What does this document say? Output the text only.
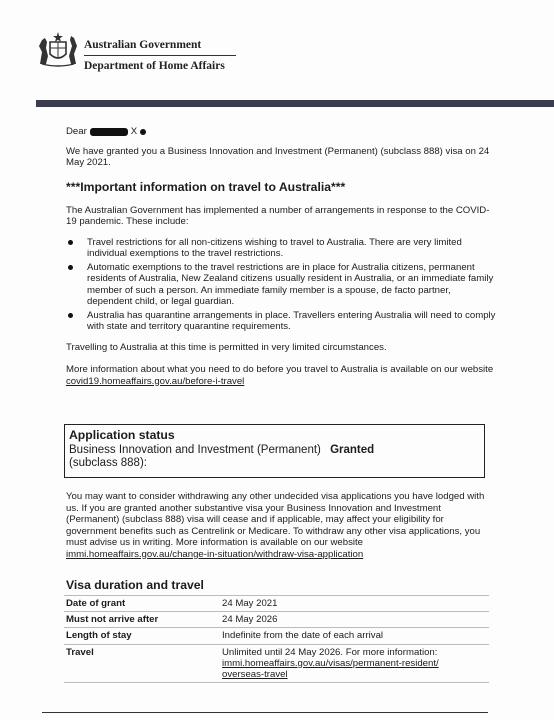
Australian Government
Department of Home Affairs
Dear	X

We have granted you a Business Innovation and Investment (Permanent) (subclass 888) visa on 24 May 2021.

***Important information on travel to Australia***

The Australian Government has implemented a number of arrangements in response to the COVID-19 pandemic. These include:

Travel restrictions for all non-citizens wishing to travel to Australia. There are very limited individual exemptions to the travel restrictions.
Automatic exemptions to the travel restrictions are in place for Australia citizens, permanent residents of Australia, New Zealand citizens usually resident in Australia, or an immediate family member of such a person. An immediate family member is a spouse, de facto partner, dependent child, or legal guardian.
Australia has quarantine arrangements in place. Travellers entering Australia will need to comply with state and territory quarantine requirements.

Travelling to Australia at this time is permitted in very limited circumstances.

More information about what you need to do before you travel to Australia is available on our website covid19.homeaffairs.gov.au/before-i-travel

Application status
Business Innovation and Investment (Permanent) Granted
(subclass 888):
You may want to consider withdrawing any other undecided visa applications you have lodged with us. If you are granted another substantive visa your Business Innovation and Investment (Permanent) (subclass 888) visa will cease and if applicable, may affect your eligibility for government benefits such as Centrelink or Medicare. To withdraw any other visa applications, you must advise us in writing. More information is available on our website immi.homeaffairs.gov.au/change-in-situation/withdraw-visa-application
Visa duration and travel
Date of grant	24 May 2021
Must not arrive after	24 May 2026
Length of stay	Indefinite from the date of each arrival
Travel	Unlimited until 24 May 2026. For more information:
immi.homeaffairs.gov.au/visas/permanent-resident/
overseas-travel
